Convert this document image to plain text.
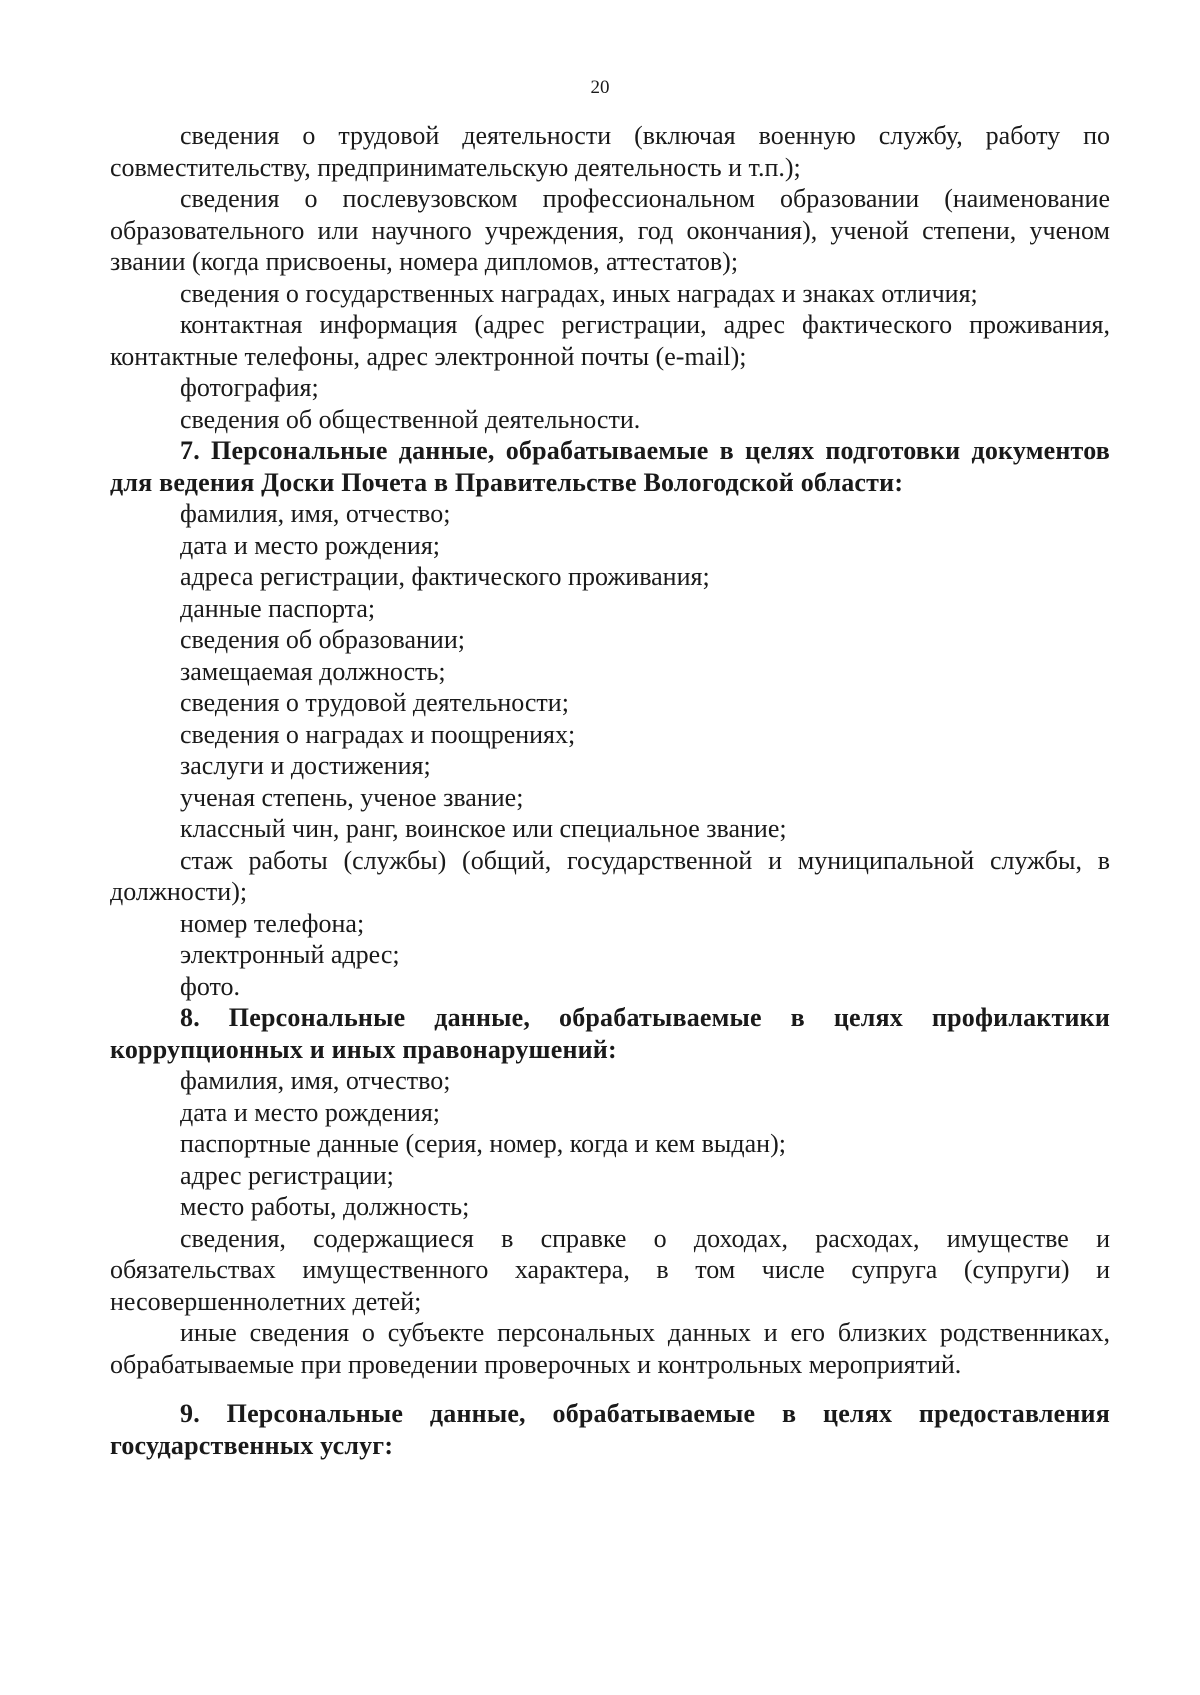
20

сведения о трудовой деятельности (включая военную службу, работу по совместительству, предпринимательскую деятельность и т.п.);

сведения о послевузовском профессиональном образовании (наименование образовательного или научного учреждения, год окончания), ученой степени, ученом звании (когда присвоены, номера дипломов, аттестатов);

сведения о государственных наградах, иных наградах и знаках отличия;

контактная информация (адрес регистрации, адрес фактического проживания, контактные телефоны, адрес электронной почты (e-mail);

фотография;

сведения об общественной деятельности.

7. Персональные данные, обрабатываемые в целях подготовки документов для ведения Доски Почета в Правительстве Вологодской области:

фамилия, имя, отчество;

дата и место рождения;

адреса регистрации, фактического проживания;

данные паспорта;

сведения об образовании;

замещаемая должность;

сведения о трудовой деятельности;

сведения о наградах и поощрениях;

заслуги и достижения;

ученая степень, ученое звание;

классный чин, ранг, воинское или специальное звание;

стаж работы (службы) (общий, государственной и муниципальной службы, в должности);

номер телефона;

электронный адрес;

фото.

8. Персональные данные, обрабатываемые в целях профилактики коррупционных и иных правонарушений:

фамилия, имя, отчество;

дата и место рождения;

паспортные данные (серия, номер, когда и кем выдан);

адрес регистрации;

место работы, должность;

сведения, содержащиеся в справке о доходах, расходах, имуществе и обязательствах имущественного характера, в том числе супруга (супруги) и несовершеннолетних детей;

иные сведения о субъекте персональных данных и его близких родственниках, обрабатываемые при проведении проверочных и контрольных мероприятий.

9. Персональные данные, обрабатываемые в целях предоставления государственных услуг:
